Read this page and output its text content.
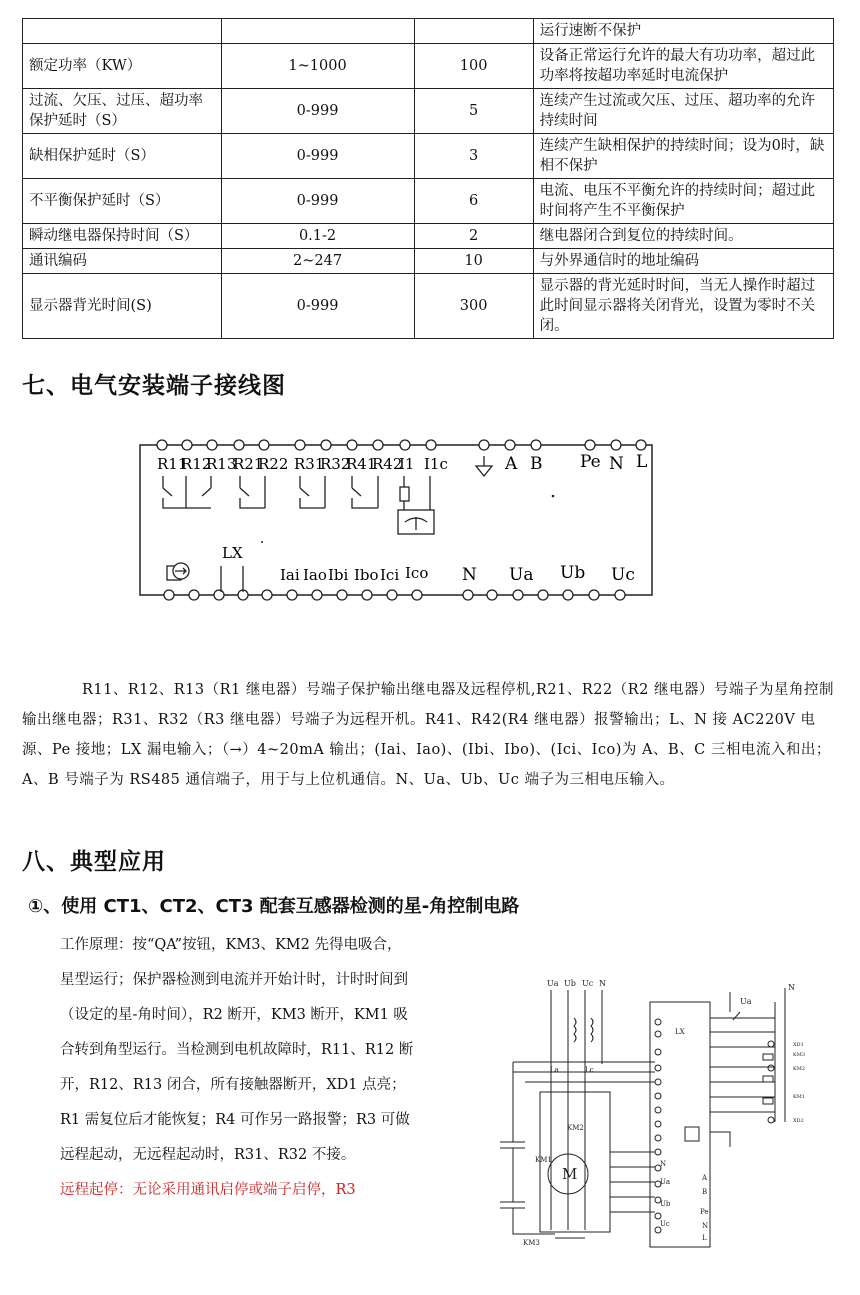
			运行速断不保护
额定功率（KW）	1~1000	100	设备正常运行允许的最大有功功率，超过此功率将按超功率延时电流保护
过流、欠压、过压、超功率保护延时（S）	0-999	5	连续产生过流或欠压、过压、超功率的允许持续时间
缺相保护延时（S）	0-999	3	连续产生缺相保护的持续时间；设为0时，缺相不保护
不平衡保护延时（S）	0-999	6	电流、电压不平衡允许的持续时间；超过此时间将产生不平衡保护
瞬动继电器保持时间（S）	0.1-2	2	继电器闭合到复位的持续时间。
通讯编码	2~247	10	与外界通信时的地址编码
显示器背光时间(S)	0-999	300	显示器的背光延时时间，当无人操作时超过此时间显示器将关闭背光，设置为零时不关闭。
七、电气安装端子接线图
R11
R12
R13
R21
R22 R31
R32
R41
R42
I1 I1c	A B Pe N L
LX
Iai Iao Ibi Ibo Ici Ico N Ua Ub Uc
R11、R12、R13（R1 继电器）号端子保护输出继电器及远程停机,R21、R22（R2 继电器）号端子为星角控制输出继电器；R31、R32（R3 继电器）号端子为远程开机。R41、R42(R4 继电器）报警输出；L、N 接 AC220V 电源、Pe 接地；LX 漏电输入；（→）4~20mA 输出；(Iai、Iao)、(Ibi、Ibo)、(Ici、Ico)为 A、B、C 三相电流入和出；A、B 号端子为 RS485 通信端子，用于与上位机通信。N、Ua、Ub、Uc 端子为三相电压输入。
八、典型应用
①、使用 CT1、CT2、CT3 配套互感器检测的星-角控制电路
工作原理：按“QA”按钮，KM3、KM2 先得电吸合，星型运行；保护器检测到电流并开始计时，计时时间到（设定的星-角时间），R2 断开，KM3 断开，KM1 吸合转到角型运行。当检测到电机故障时，R11、R12 断开，R12、R13 闭合，所有接触器断开，XD1 点亮；R1 需复位后才能恢复；R4 可作另一路报警；R3 可做远程起动，无远程起动时，R31、R32 不接。
远程起停：无论采用通讯启停或端子启停，R3
Ua Ub Uc N
Ua
N
La	Lc
KM1
KM2
KM3
LX
N
Ua
Ub
Uc
A
B
Pe
N
L
XD1
KM3
KM2
KM1
XD2
M
